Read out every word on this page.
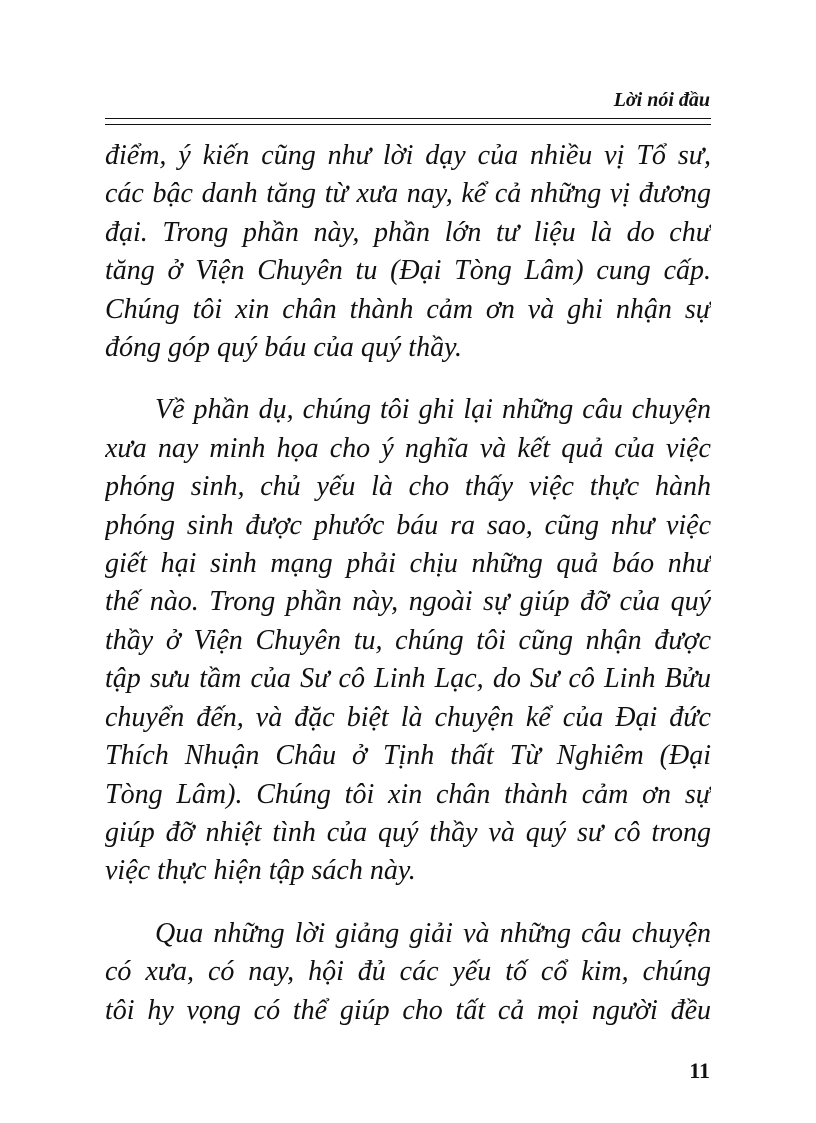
Lời nói đầu

điểm, ý kiến cũng như lời dạy của nhiều vị Tổ sư,
các bậc danh tăng từ xưa nay, kể cả những vị đương
đại. Trong phần này, phần lớn tư liệu là do chư
tăng ở Viện Chuyên tu (Đại Tòng Lâm) cung cấp.
Chúng tôi xin chân thành cảm ơn và ghi nhận sự
đóng góp quý báu của quý thầy.

Về phần dụ, chúng tôi ghi lại những câu chuyện
xưa nay minh họa cho ý nghĩa và kết quả của việc
phóng sinh, chủ yếu là cho thấy việc thực hành
phóng sinh được phước báu ra sao, cũng như việc
giết hại sinh mạng phải chịu những quả báo như
thế nào. Trong phần này, ngoài sự giúp đỡ của quý
thầy ở Viện Chuyên tu, chúng tôi cũng nhận được
tập sưu tầm của Sư cô Linh Lạc, do Sư cô Linh Bửu
chuyển đến, và đặc biệt là chuyện kể của Đại đức
Thích Nhuận Châu ở Tịnh thất Từ Nghiêm (Đại
Tòng Lâm). Chúng tôi xin chân thành cảm ơn sự
giúp đỡ nhiệt tình của quý thầy và quý sư cô trong
việc thực hiện tập sách này.

Qua những lời giảng giải và những câu chuyện
có xưa, có nay, hội đủ các yếu tố cổ kim, chúng
tôi hy vọng có thể giúp cho tất cả mọi người đều

11
